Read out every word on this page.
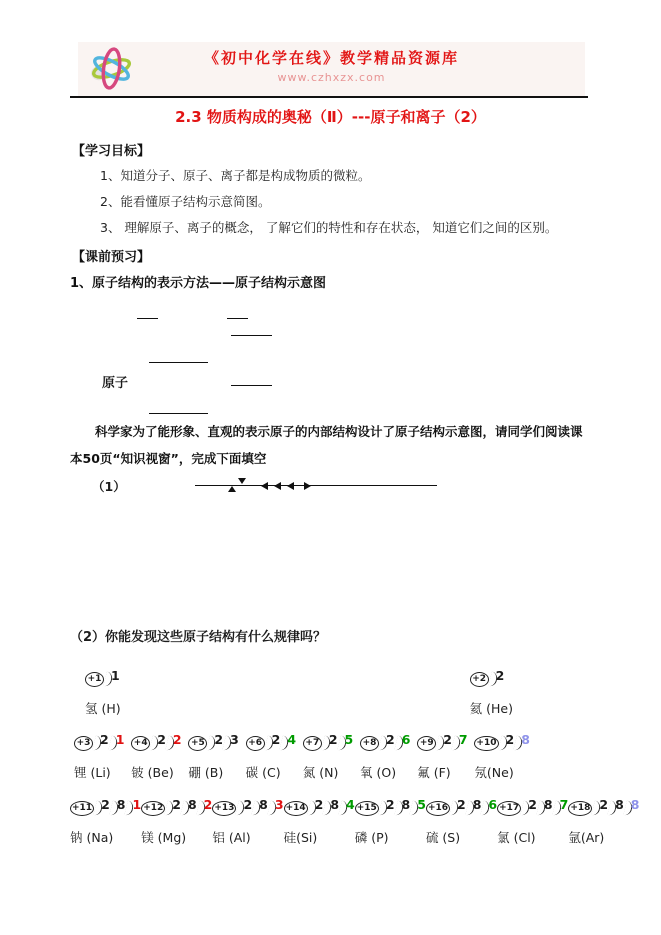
《初中化学在线》教学精品资源库
www.czhxzx.com
2.3 物质构成的奥秘（Ⅱ）---原子和离子（2）
【学习目标】

1、知道分子、原子、离子都是构成物质的微粒。

2、能看懂原子结构示意简图。

3、 理解原子、离子的概念， 了解它们的特性和存在状态， 知道它们之间的区别。

【课前预习】
1、原子结构的表示方法——原子结构示意图
原子

科学家为了能形象、直观的表示原子的内部结构设计了原子结构示意图，请同学们阅读课本50页“知识视窗”，完成下面填空

（1）
（2）你能发现这些原子结构有什么规律吗？
+1 1
氢 (H)
+2 2
氦 (He)
+3 2 1
锂 (Li)
+4 2 2
铍 (Be)
+5 2 3
硼 (B)
+6 2 4
碳 (C)
+7 2 5
氮 (N)
+8 2 6
氧 (O)
+9 2 7
氟 (F)
+10 2 8
氖(Ne)
+11 2 8 1
钠 (Na)
+12 2 8 2
镁 (Mg)
+13 2 8 3
铝 (Al)
+14 2 8 4
硅(Si)
+15 2 8 5
磷 (P)
+16 2 8 6
硫 (S)
+17 2 8 7
氯 (Cl)
+18 2 8 8
氩(Ar)
